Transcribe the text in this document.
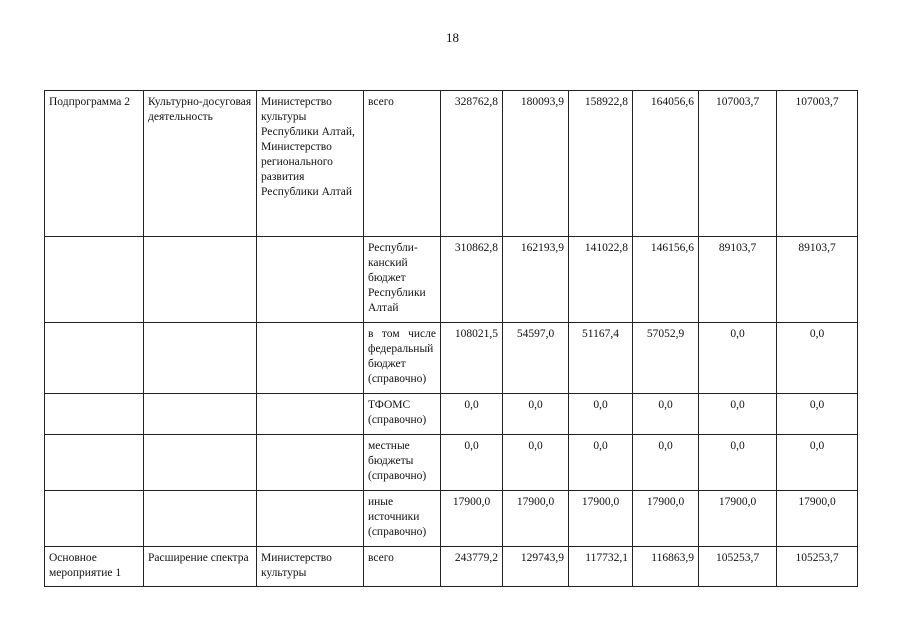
18
Подпрограмма 2	Культурно-досуговая деятельность	Министерство культуры Республики Алтай, Министерство регионального развития Республики Алтай	всего	328762,8	180093,9	158922,8	164056,6	107003,7	107003,7
			Республи-канский бюджет Республики Алтай	310862,8	162193,9	141022,8	146156,6	89103,7	89103,7
			в том числе федеральный бюджет (справочно)	108021,5	54597,0	51167,4	57052,9	0,0	0,0
			ТФОМС (справочно)	0,0	0,0	0,0	0,0	0,0	0,0
			местные бюджеты (справочно)	0,0	0,0	0,0	0,0	0,0	0,0
			иные источники (справочно)	17900,0	17900,0	17900,0	17900,0	17900,0	17900,0
Основное мероприятие 1	Расширение спектра	Министерство культуры	всего	243779,2	129743,9	117732,1	116863,9	105253,7	105253,7
